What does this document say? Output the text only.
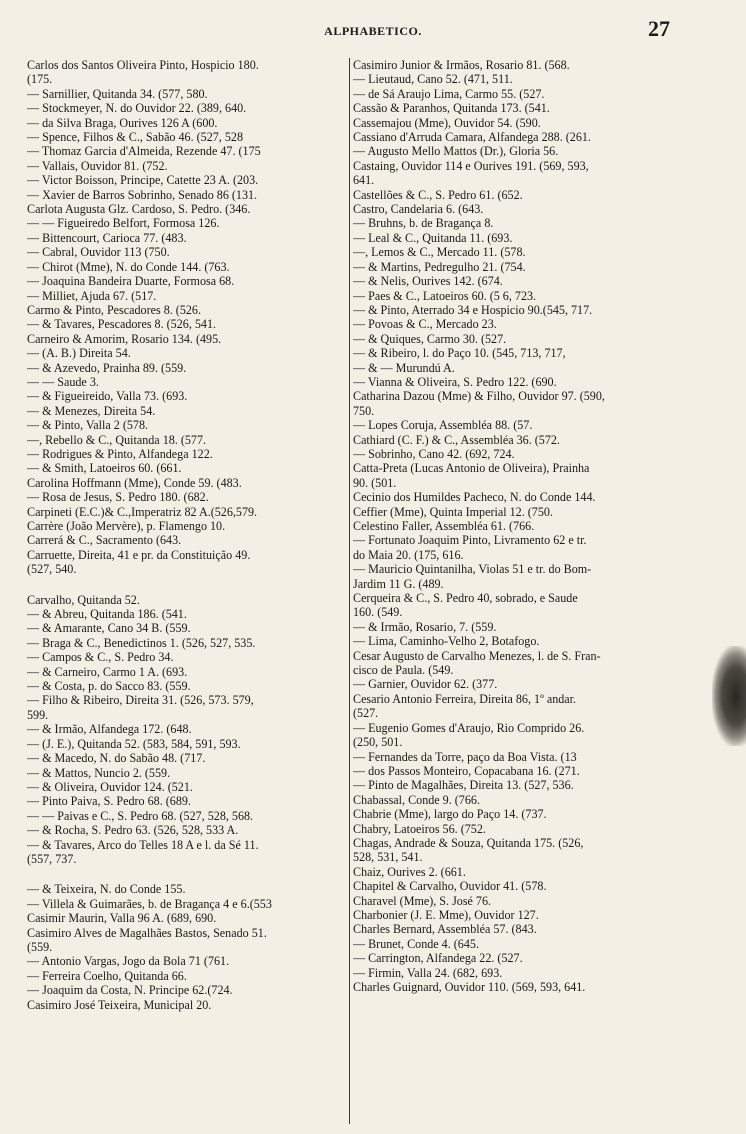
ALPHABETICO.	27
Carlos dos Santos Oliveira Pinto, Hospicio 180.
(175.
— Sarnillier, Quitanda 34. (577, 580.
— Stockmeyer, N. do Ouvidor 22. (389, 640.
— da Silva Braga, Ourives 126 A (600.
— Spence, Filhos & C., Sabão 46. (527, 528
— Thomaz Garcia d'Almeida, Rezende 47. (175
— Vallais, Ouvidor 81. (752.
— Victor Boisson, Principe, Catette 23 A. (203.
— Xavier de Barros Sobrinho, Senado 86 (131.
Carlota Augusta Glz. Cardoso, S. Pedro. (346.
— — Figueiredo Belfort, Formosa 126.
— Bittencourt, Carioca 77. (483.
— Cabral, Ouvidor 113 (750.
— Chirot (Mme), N. do Conde 144. (763.
— Joaquina Bandeira Duarte, Formosa 68.
— Milliet, Ajuda 67. (517.
Carmo & Pinto, Pescadores 8. (526.
— & Tavares, Pescadores 8. (526, 541.
Carneiro & Amorim, Rosario 134. (495.
— (A. B.) Direita 54.
— & Azevedo, Prainha 89. (559.
— — Saude 3.
— & Figueireido, Valla 73. (693.
— & Menezes, Direita 54.
— & Pinto, Valla 2 (578.
—, Rebello & C., Quitanda 18. (577.
— Rodrigues & Pinto, Alfandega 122.
— & Smith, Latoeiros 60. (661.
Carolina Hoffmann (Mme), Conde 59. (483.
— Rosa de Jesus, S. Pedro 180. (682.
Carpineti (E.C.)& C.,Imperatriz 82 A.(526,579.
Carrère (João Mervère), p. Flamengo 10.
Carrerá & C., Sacramento (643.
Carruette, Direita, 41 e pr. da Constituição 49.
(527, 540.
Carvalho, Quitanda 52.
— & Abreu, Quitanda 186. (541.
— & Amarante, Cano 34 B. (559.
— Braga & C., Benedictinos 1. (526, 527, 535.
— Campos & C., S. Pedro 34.
— & Carneiro, Carmo 1 A. (693.
— & Costa, p. do Sacco 83. (559.
— Filho & Ribeiro, Direita 31. (526, 573. 579,
599.
— & Irmão, Alfandega 172. (648.
— (J. E.), Quitanda 52. (583, 584, 591, 593.
— & Macedo, N. do Sabão 48. (717.
— & Mattos, Nuncio 2. (559.
— & Oliveira, Ouvidor 124. (521.
— Pinto Paiva, S. Pedro 68. (689.
— — Paivas e C., S. Pedro 68. (527, 528, 568.
— & Rocha, S. Pedro 63. (526, 528, 533 A.
— & Tavares, Arco do Telles 18 A e l. da Sé 11.
(557, 737.
— & Teixeira, N. do Conde 155.
— Villela & Guimarães, b. de Bragança 4 e 6.(553
Casimir Maurin, Valla 96 A. (689, 690.
Casimiro Alves de Magalhães Bastos, Senado 51.
(559.
— Antonio Vargas, Jogo da Bola 71 (761.
— Ferreira Coelho, Quitanda 66.
— Joaquim da Costa, N. Principe 62.(724.
Casimiro José Teixeira, Municipal 20.
Casimiro Junior & Irmãos, Rosario 81. (568.
— Lieutaud, Cano 52. (471, 511.
— de Sá Araujo Lima, Carmo 55. (527.
Cassão & Paranhos, Quitanda 173. (541.
Cassemajou (Mme), Ouvidor 54. (590.
Cassiano d'Arruda Camara, Alfandega 288. (261.
— Augusto Mello Mattos (Dr.), Gloria 56.
Castaing, Ouvidor 114 e Ourives 191. (569, 593,
641.
Castellões & C., S. Pedro 61. (652.
Castro, Candelaria 6. (643.
— Bruhns, b. de Bragança 8.
— Leal & C., Quitanda 11. (693.
—, Lemos & C., Mercado 11. (578.
— & Martins, Pedregulho 21. (754.
— & Nelis, Ourives 142. (674.
— Paes & C., Latoeiros 60. (5 6, 723.
— & Pinto, Aterrado 34 e Hospicio 90.(545, 717.
— Povoas & C., Mercado 23.
— & Quiques, Carmo 30. (527.
— & Ribeiro, l. do Paço 10. (545, 713, 717,
— & — Murundú A.
— Vianna & Oliveira, S. Pedro 122. (690.
Catharina Dazou (Mme) & Filho, Ouvidor 97. (590,
750.
— Lopes Coruja, Assembléa 88. (57.
Cathiard (C. F.) & C., Assembléa 36. (572.
— Sobrinho, Cano 42. (692, 724.
Catta-Preta (Lucas Antonio de Oliveira), Prainha
90. (501.
Cecinio dos Humildes Pacheco, N. do Conde 144.
Ceffier (Mme), Quinta Imperial 12. (750.
Celestino Faller, Assembléa 61. (766.
— Fortunato Joaquim Pinto, Livramento 62 e tr.
do Maia 20. (175, 616.
— Mauricio Quintanilha, Violas 51 e tr. do Bom-
Jardim 11 G. (489.
Cerqueira & C., S. Pedro 40, sobrado, e Saude
160. (549.
— & Irmão, Rosario, 7. (559.
— Lima, Caminho-Velho 2, Botafogo.
Cesar Augusto de Carvalho Menezes, l. de S. Fran-
cisco de Paula. (549.
— Garnier, Ouvidor 62. (377.
Cesario Antonio Ferreira, Direita 86, 1º andar.
(527.
— Eugenio Gomes d'Araujo, Rio Comprido 26.
(250, 501.
— Fernandes da Torre, paço da Boa Vista. (13
— dos Passos Monteiro, Copacabana 16. (271.
— Pinto de Magalhães, Direita 13. (527, 536.
Chabassal, Conde 9. (766.
Chabrie (Mme), largo do Paço 14. (737.
Chabry, Latoeiros 56. (752.
Chagas, Andrade & Souza, Quitanda 175. (526,
528, 531, 541.
Chaiz, Ourives 2. (661.
Chapitel & Carvalho, Ouvidor 41. (578.
Charavel (Mme), S. José 76.
Charbonier (J. E. Mme), Ouvidor 127.
Charles Bernard, Assembléa 57. (843.
— Brunet, Conde 4. (645.
— Carrington, Alfandega 22. (527.
— Firmin, Valla 24. (682, 693.
Charles Guignard, Ouvidor 110. (569, 593, 641.
